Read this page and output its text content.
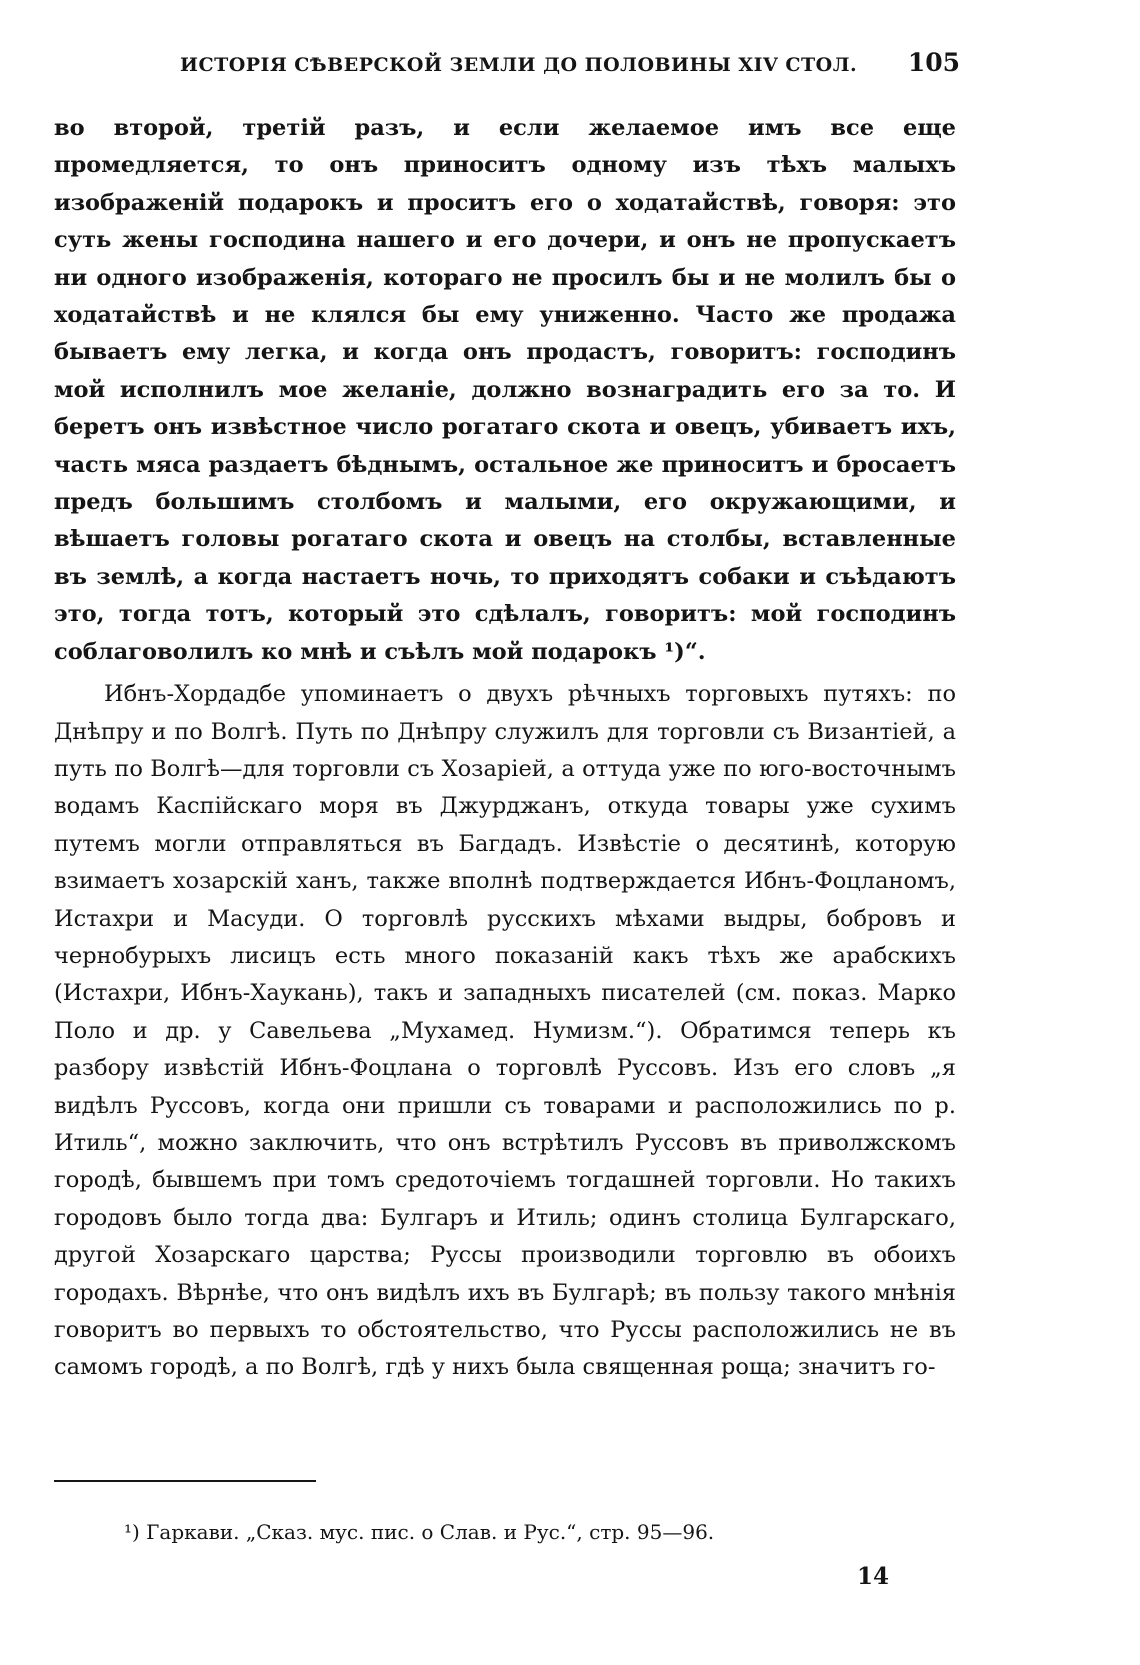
ИСТОРІЯ СѢВЕРСКОЙ ЗЕМЛИ ДО ПОЛОВИНЫ XIV СТОЛ. 105

во второй, третій разъ, и если желаемое имъ все еще промедляется, то онъ приноситъ одному изъ тѣхъ малыхъ изображеній подарокъ и проситъ его о ходатайствѣ, говоря: это суть жены господина нашего и его дочери, и онъ не пропускаетъ ни одного изображенія, котораго не просилъ бы и не молилъ бы о ходатайствѣ и не клялся бы ему униженно. Часто же продажа бываетъ ему легка, и когда онъ продастъ, говоритъ: господинъ мой исполнилъ мое желаніе, должно вознаградить его за то. И беретъ онъ извѣстное число рогатаго скота и овецъ, убиваетъ ихъ, часть мяса раздаетъ бѣднымъ, остальное же приноситъ и бросаетъ предъ большимъ столбомъ и малыми, его окружающими, и вѣшаетъ головы рогатаго скота и овецъ на столбы, вставленные въ землѣ, а когда настаетъ ночь, то приходятъ собаки и съѣдаютъ это, тогда тотъ, который это сдѣлалъ, говоритъ: мой господинъ соблаговолилъ ко мнѣ и съѣлъ мой подарокъ ¹)“.

Ибнъ-Хордадбе упоминаетъ о двухъ рѣчныхъ торговыхъ путяхъ: по Днѣпру и по Волгѣ. Путь по Днѣпру служилъ для торговли съ Византіей, а путь по Волгѣ—для торговли съ Хозаріей, а оттуда уже по юго-восточнымъ водамъ Каспійскаго моря въ Джурджанъ, откуда товары уже сухимъ путемъ могли отправляться въ Багдадъ. Извѣстіе о десятинѣ, которую взимаетъ хозарскій ханъ, также вполнѣ подтверждается Ибнъ-Фоцланомъ, Истахри и Масуди. О торговлѣ русскихъ мѣхами выдры, бобровъ и чернобурыхъ лисицъ есть много показаній какъ тѣхъ же арабскихъ (Истахри, Ибнъ-Хаукань), такъ и западныхъ писателей (см. показ. Марко Поло и др. у Савельева „Мухамед. Нумизм.“). Обратимся теперь къ разбору извѣстій Ибнъ-Фоцлана о торговлѣ Руссовъ. Изъ его словъ „я видѣлъ Руссовъ, когда они пришли съ товарами и расположились по р. Итиль“, можно заключить, что онъ встрѣтилъ Руссовъ въ приволжскомъ городѣ, бывшемъ при томъ средоточіемъ тогдашней торговли. Но такихъ городовъ было тогда два: Булгаръ и Итиль; одинъ столица Булгарскаго, другой Хозарскаго царства; Руссы производили торговлю въ обоихъ городахъ. Вѣрнѣе, что онъ видѣлъ ихъ въ Булгарѣ; въ пользу такого мнѣнія говоритъ во первыхъ то обстоятельство, что Руссы расположились не въ самомъ городѣ, а по Волгѣ, гдѣ у нихъ была священная роща; значитъ го-

¹) Гаркави. „Сказ. мус. пис. о Слав. и Рус.“, стр. 95—96.
14
